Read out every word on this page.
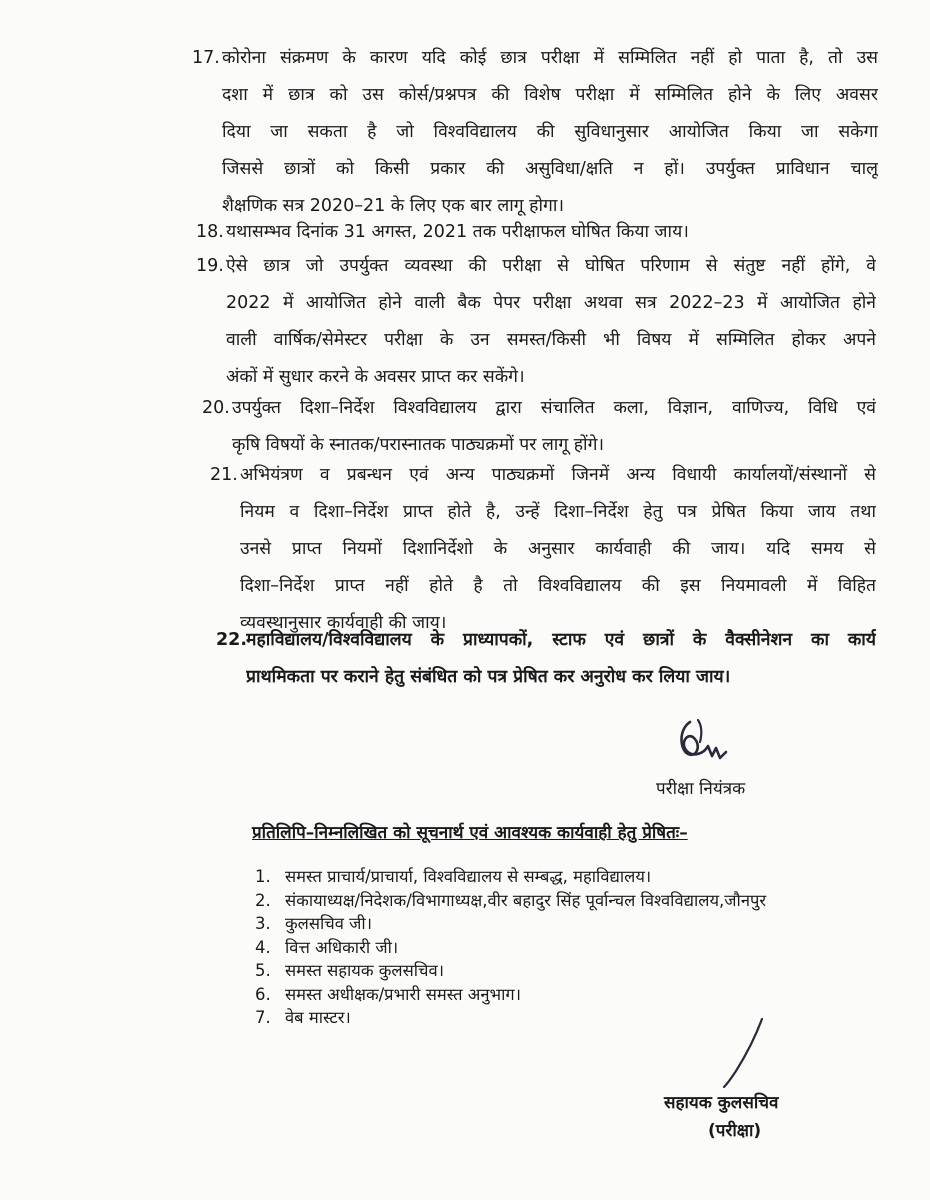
17. कोरोना संक्रमण के कारण यदि कोई छात्र परीक्षा में सम्मिलित नहीं हो पाता है, तो उस
दशा में छात्र को उस कोर्स/प्रश्नपत्र की विशेष परीक्षा में सम्मिलित होने के लिए अवसर
दिया जा सकता है जो विश्वविद्यालय की सुविधानुसार आयोजित किया जा सकेगा
जिससे छात्रों को किसी प्रकार की असुविधा/क्षति न हों। उपर्युक्त प्राविधान चालू
शैक्षणिक सत्र 2020–21 के लिए एक बार लागू होगा।
18. यथासम्भव दिनांक 31 अगस्त, 2021 तक परीक्षाफल घोषित किया जाय।
19. ऐसे छात्र जो उपर्युक्त व्यवस्था की परीक्षा से घोषित परिणाम से संतुष्ट नहीं होंगे, वे
2022 में आयोजित होने वाली बैक पेपर परीक्षा अथवा सत्र 2022–23 में आयोजित होने
वाली वार्षिक/सेमेस्टर परीक्षा के उन समस्त/किसी भी विषय में सम्मिलित होकर अपने
अंकों में सुधार करने के अवसर प्राप्त कर सकेंगे।
20. उपर्युक्त दिशा–निर्देश विश्वविद्यालय द्वारा संचालित कला, विज्ञान, वाणिज्य, विधि एवं
कृषि विषयों के स्नातक/परास्नातक पाठ्यक्रमों पर लागू होंगे।
21. अभियंत्रण व प्रबन्धन एवं अन्य पाठ्यक्रमों जिनमें अन्य विधायी कार्यालयों/संस्थानों से
नियम व दिशा–निर्देश प्राप्त होते है, उन्हें दिशा–निर्देश हेतु पत्र प्रेषित किया जाय तथा
उनसे प्राप्त नियमों दिशानिर्देशो के अनुसार कार्यवाही की जाय। यदि समय से
दिशा–निर्देश प्राप्त नहीं होते है तो विश्वविद्यालय की इस नियमावली में विहित
व्यवस्थानुसार कार्यवाही की जाय।
22.
महाविद्यालय/विश्वविद्यालय के प्राध्यापकों, स्टाफ एवं छात्रों के वैक्सीनेशन का कार्य
प्राथमिकता पर कराने हेतु संबंधित को पत्र प्रेषित कर अनुरोध कर लिया जाय।
परीक्षा नियंत्रक
प्रतिलिपि–निम्नलिखित को सूचनार्थ एवं आवश्यक कार्यवाही हेतु प्रेषितः–
1. समस्त प्राचार्य/प्राचार्या, विश्वविद्यालय से सम्बद्ध, महाविद्यालय।
2. संकायाध्यक्ष/निदेशक/विभागाध्यक्ष,वीर बहादुर सिंह पूर्वान्चल विश्वविद्यालय,जौनपुर
3. कुलसचिव जी।
4. वित्त अधिकारी जी।
5. समस्त सहायक कुलसचिव।
6. समस्त अधीक्षक/प्रभारी समस्त अनुभाग।
7. वेब मास्टर।
सहायक कुलसचिव
(परीक्षा)
